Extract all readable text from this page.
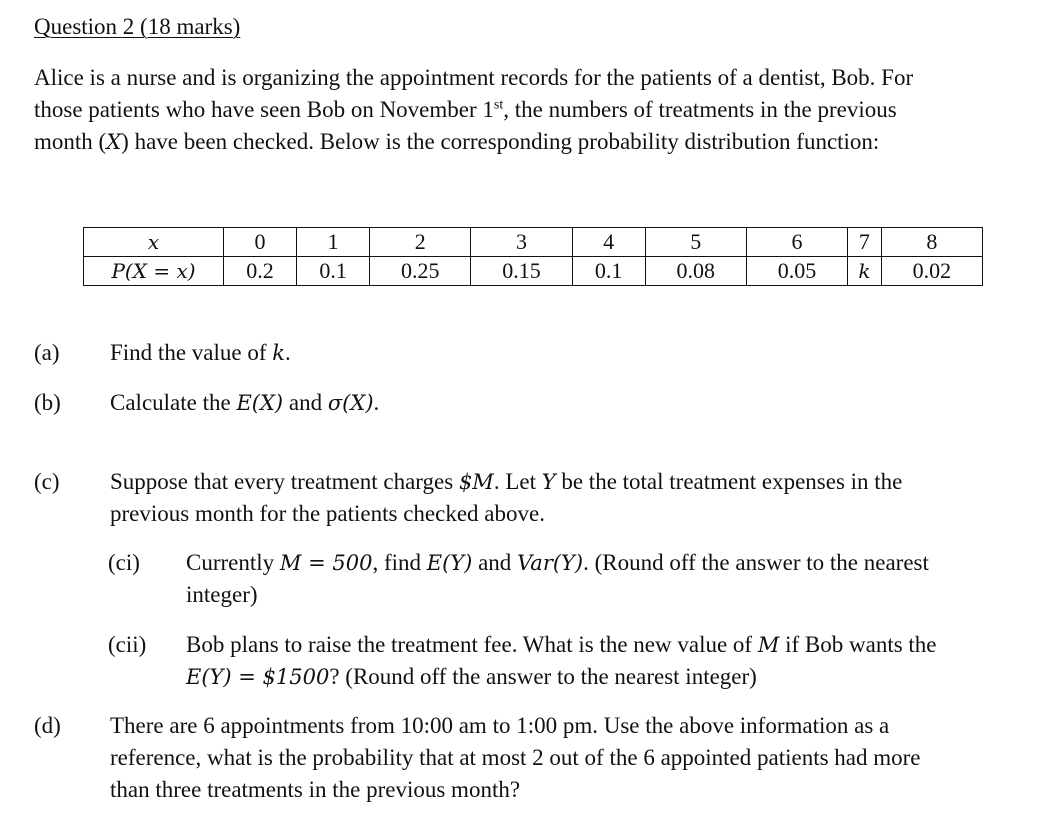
Question 2 (18 marks)
Alice is a nurse and is organizing the appointment records for the patients of a dentist, Bob. For
those patients who have seen Bob on November 1st, the numbers of treatments in the previous
month (X) have been checked. Below is the corresponding probability distribution function:
x	0	1	2	3	4	5	6	7	8
P(X = x)	0.2	0.1	0.25	0.15	0.1	0.08	0.05	k	0.02
(a) Find the value of k.
(b) Calculate the E(X) and σ(X).
(c) Suppose that every treatment charges $M. Let Y be the total treatment expenses in the
previous month for the patients checked above.
(ci) Currently M = 500, find E(Y) and Var(Y). (Round off the answer to the nearest
integer)
(cii) Bob plans to raise the treatment fee. What is the new value of M if Bob wants the
E(Y) = $1500? (Round off the answer to the nearest integer)
(d) There are 6 appointments from 10:00 am to 1:00 pm. Use the above information as a
reference, what is the probability that at most 2 out of the 6 appointed patients had more
than three treatments in the previous month?
